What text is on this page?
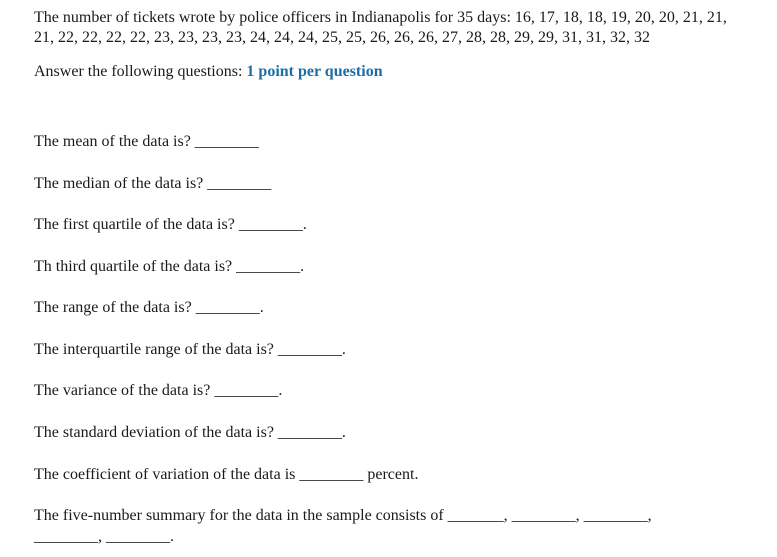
The number of tickets wrote by police officers in Indianapolis for 35 days: 16, 17, 18, 18, 19, 20, 20, 21, 21, 21, 22, 22, 22, 22, 23, 23, 23, 23, 24, 24, 24, 25, 25, 26, 26, 26, 27, 28, 28, 29, 29, 31, 31, 32, 32

Answer the following questions: 1 point per question

The mean of the data is? ________

The median of the data is? ________

The first quartile of the data is? ________.

Th third quartile of the data is? ________.

The range of the data is? ________.

The interquartile range of the data is? ________.

The variance of the data is? ________.

The standard deviation of the data is? ________.

The coefficient of variation of the data is ________ percent.

The five-number summary for the data in the sample consists of _______, ________, ________,

________, ________.
